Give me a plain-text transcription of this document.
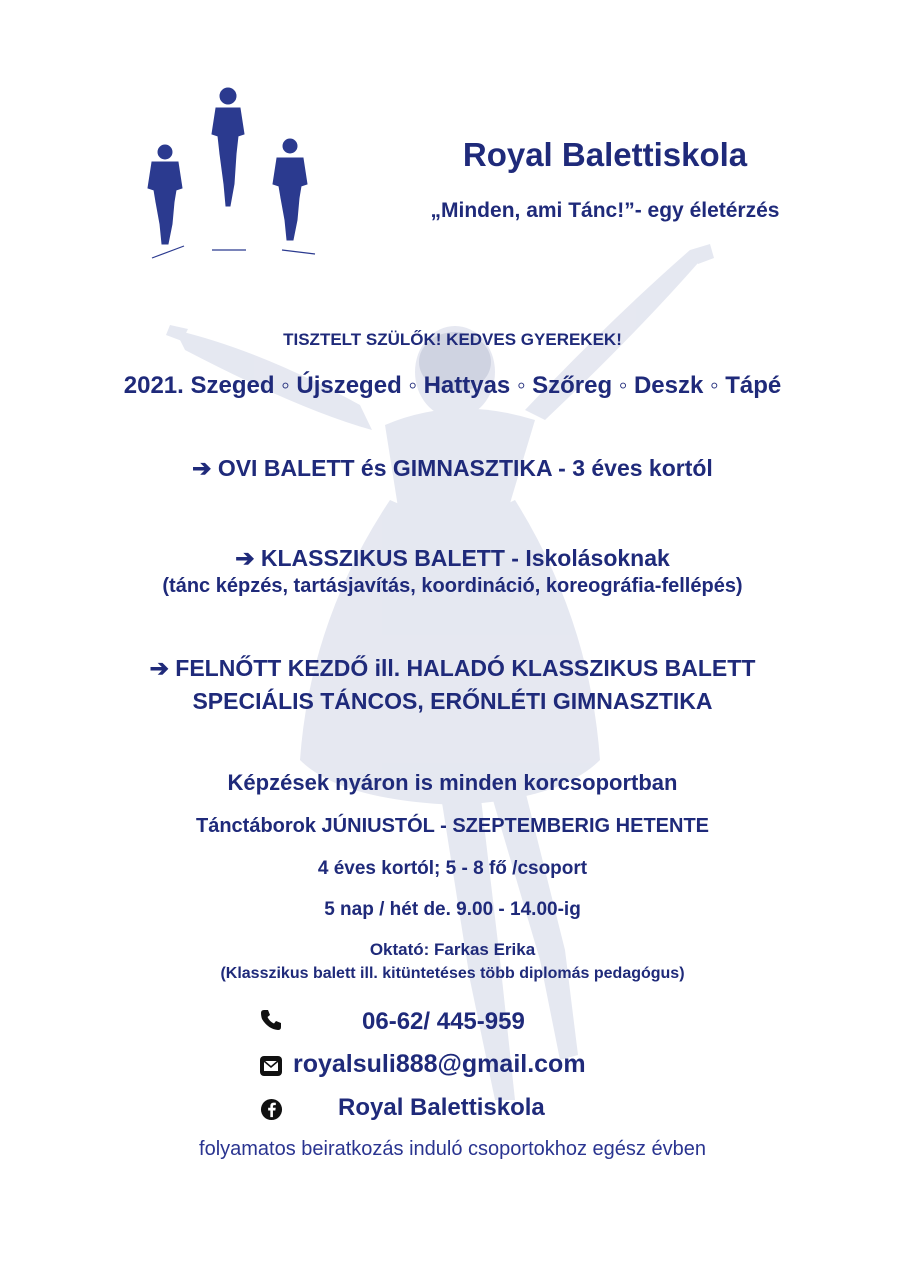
Royal Balettiskola
„Minden, ami Tánc!”- egy életérzés
TISZTELT SZÜLŐK! KEDVES GYEREKEK!
2021. Szeged ◦ Újszeged ◦ Hattyas ◦ Szőreg ◦ Deszk ◦ Tápé
➔ OVI BALETT és GIMNASZTIKA - 3 éves kortól
➔ KLASSZIKUS BALETT - Iskolásoknak
(tánc képzés, tartásjavítás, koordináció, koreográfia-fellépés)
➔ FELNŐTT KEZDŐ ill. HALADÓ KLASSZIKUS BALETT
SPECIÁLIS TÁNCOS, ERŐNLÉTI GIMNASZTIKA
Képzések nyáron is minden korcsoportban
Tánctáborok JÚNIUSTÓL - SZEPTEMBERIG HETENTE
4 éves kortól; 5 - 8 fő /csoport
5 nap / hét de. 9.00 - 14.00-ig
Oktató: Farkas Erika
(Klasszikus balett ill. kitüntetéses több diplomás pedagógus)
06-62/ 445-959
royalsuli888@gmail.com
Royal Balettiskola
folyamatos beiratkozás induló csoportokhoz egész évben
